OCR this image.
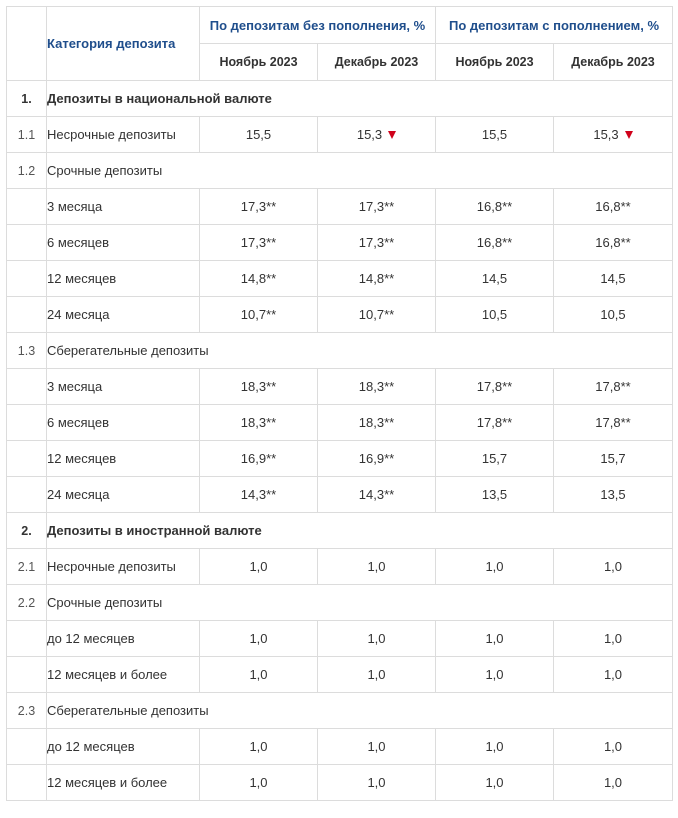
	Категория депозита	По депозитам без пополнения, %		По депозитам с пополнением, %	
		Ноябрь 2023	Декабрь 2023	Ноябрь 2023	Декабрь 2023
1.	Депозиты в национальной валюте				
1.1	Несрочные депозиты	15,5	15,3	15,5	15,3
1.2	Срочные депозиты				
	3 месяца	17,3**	17,3**	16,8**	16,8**
	6 месяцев	17,3**	17,3**	16,8**	16,8**
	12 месяцев	14,8**	14,8**	14,5	14,5
	24 месяца	10,7**	10,7**	10,5	10,5
1.3	Сберегательные депозиты				
	3 месяца	18,3**	18,3**	17,8**	17,8**
	6 месяцев	18,3**	18,3**	17,8**	17,8**
	12 месяцев	16,9**	16,9**	15,7	15,7
	24 месяца	14,3**	14,3**	13,5	13,5
2.	Депозиты в иностранной валюте				
2.1	Несрочные депозиты	1,0	1,0	1,0	1,0
2.2	Срочные депозиты				
	до 12 месяцев	1,0	1,0	1,0	1,0
	12 месяцев и более	1,0	1,0	1,0	1,0
2.3	Сберегательные депозиты				
	до 12 месяцев	1,0	1,0	1,0	1,0
	12 месяцев и более	1,0	1,0	1,0	1,0
